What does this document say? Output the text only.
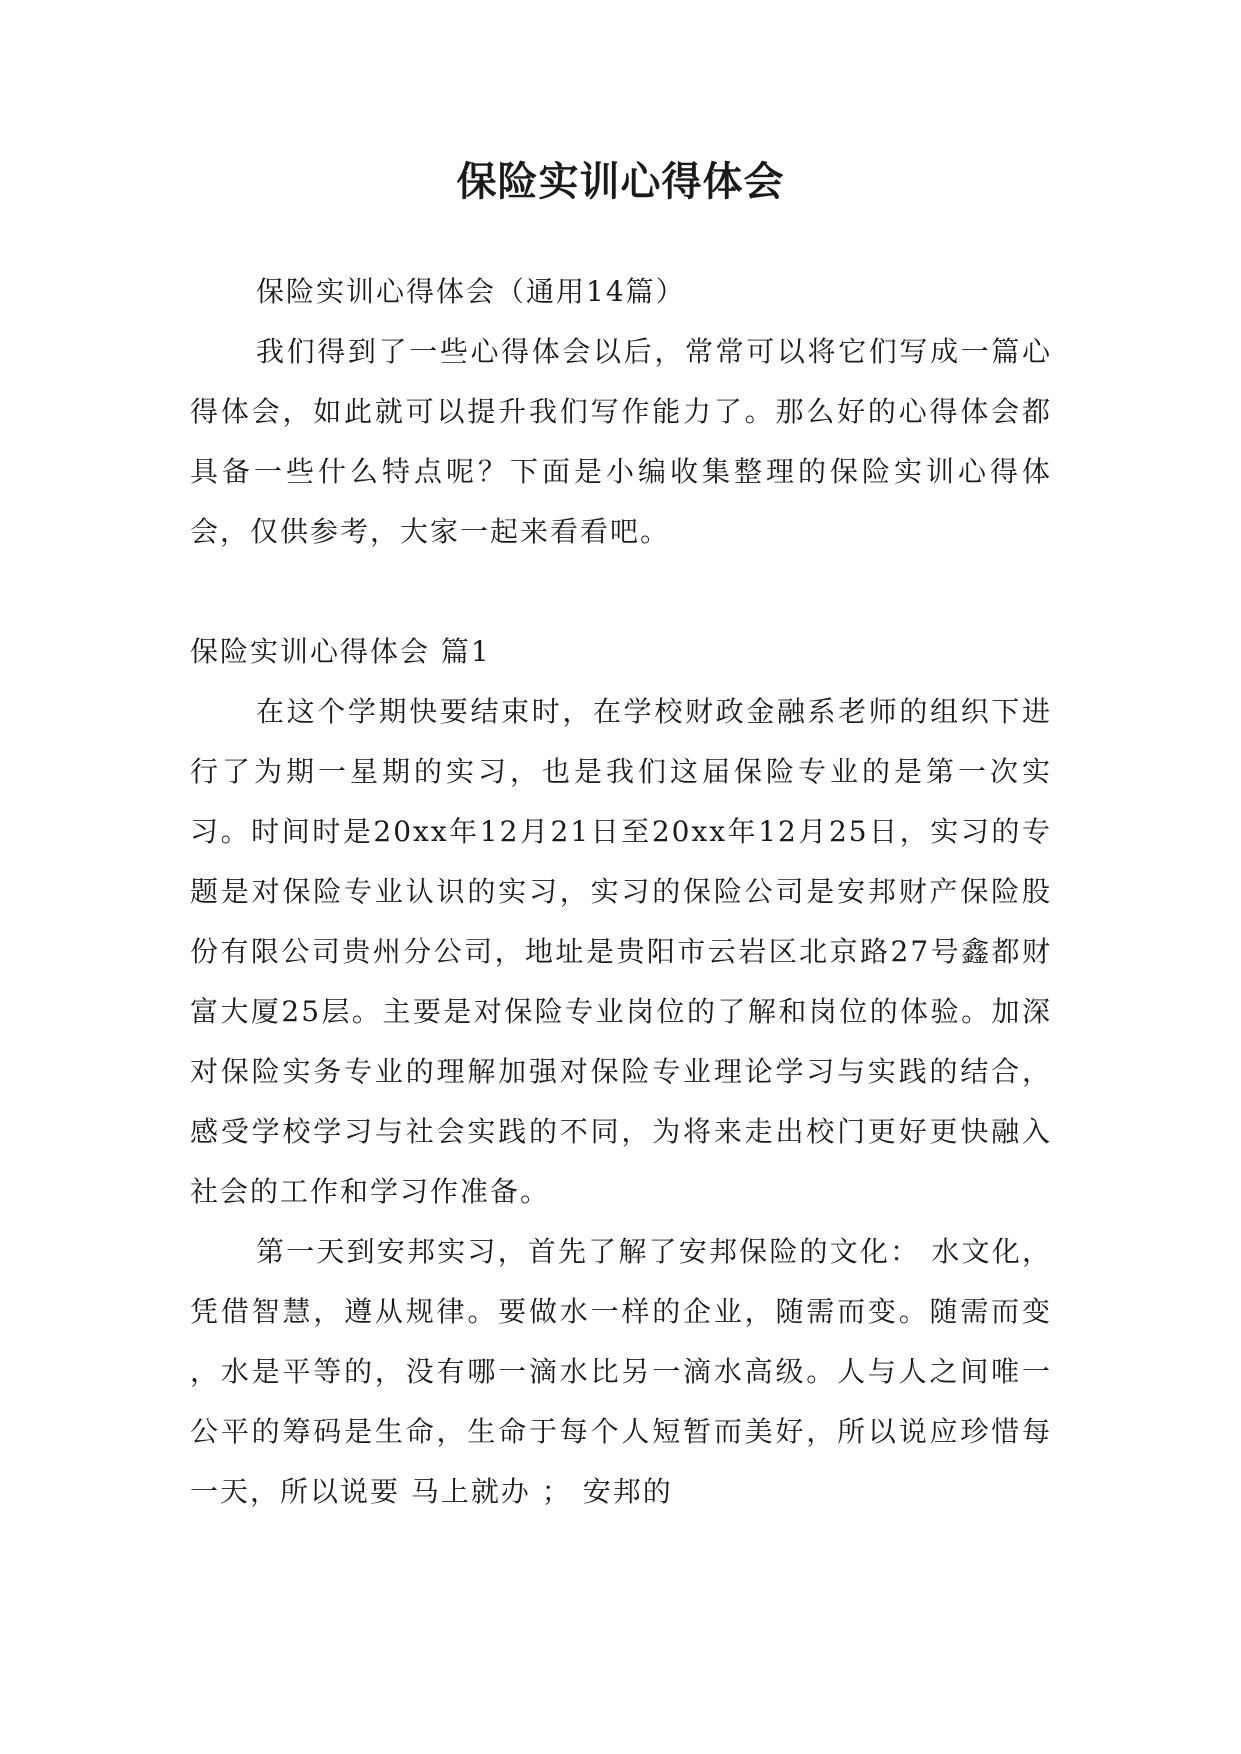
保险实训心得体会

保险实训心得体会（通用14篇）

我们得到了一些心得体会以后，常常可以将它们写成一篇心得体会，如此就可以提升我们写作能力了。那么好的心得体会都具备一些什么特点呢？下面是小编收集整理的保险实训心得体会，仅供参考，大家一起来看看吧。

保险实训心得体会 篇1

在这个学期快要结束时，在学校财政金融系老师的组织下进行了为期一星期的实习，也是我们这届保险专业的是第一次实习。时间时是20xx年12月21日至20xx年12月25日，实习的专题是对保险专业认识的实习，实习的保险公司是安邦财产保险股份有限公司贵州分公司，地址是贵阳市云岩区北京路27号鑫都财富大厦25层。主要是对保险专业岗位的了解和岗位的体验。加深对保险实务专业的理解加强对保险专业理论学习与实践的结合，感受学校学习与社会实践的不同，为将来走出校门更好更快融入社会的工作和学习作准备。

第一天到安邦实习，首先了解了安邦保险的文化： 水文化，凭借智慧，遵从规律。要做水一样的企业，随需而变。随需而变 ，水是平等的，没有哪一滴水比另一滴水高级。人与人之间唯一公平的筹码是生命，生命于每个人短暂而美好，所以说应珍惜每一天，所以说要 马上就办 ； 安邦的
